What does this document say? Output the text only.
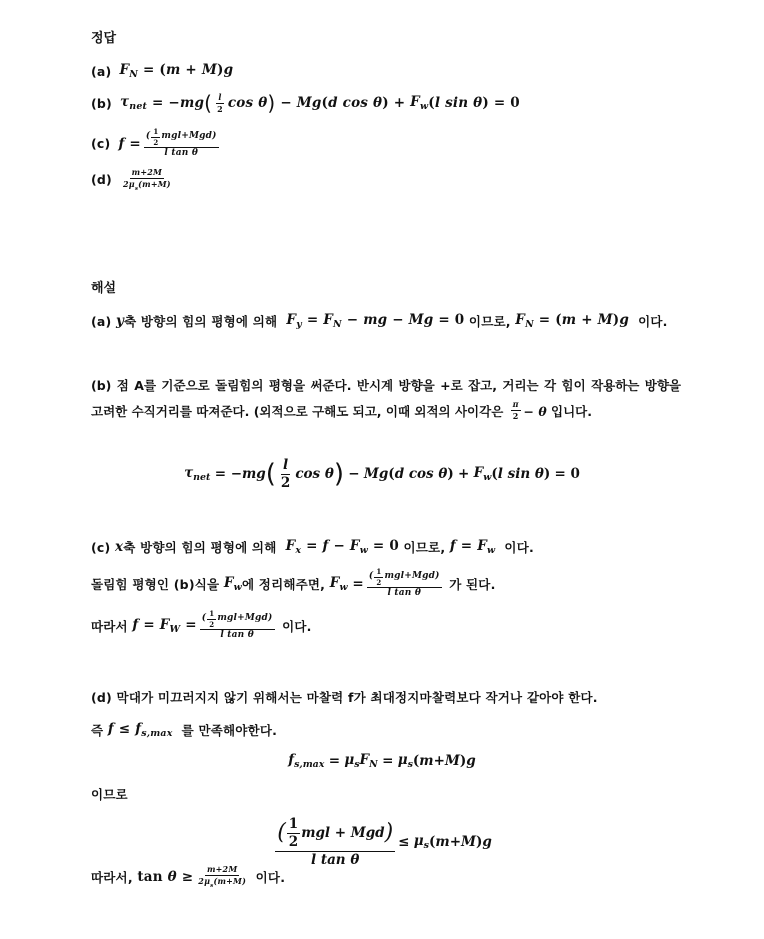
정답
(a) $F_N = (m + M)g$
(b) $\tau_{net}$
= − mg ( $\frac{l}{2}$ cos θ )
−
Mg ( d cos θ )
+
$F_w$ ( l sin θ )
= 0
(c) f
= $\frac{( \frac{1}{2} mgl+Mgd)}{\text{l tan θ}}$
$(d) \frac{m+2M}{2\mu_s(m+M)}$
해설
(a)
y 축 방향의 힘의 평형에 의해
$F_y = F_N$ − mg − Mg = 0
이므로,
$F_N = (m + M)g$
이다.
(b) 점 A를 기준으로 돌림힘의 평형을 써준다. 반시계 방향을 +로 잡고, 거리는 각 힘이 작용하는 방향을 고려한 수직거리를 따져준다. (외적으로 구해도 되고, 이때 외적의 사이각은 $\frac{\pi}{2} - \theta$ 입니다.
$\tau_{net}$
= − mg ( $\frac{l}{2}$ cos θ )
−
Mg ( d cos θ )
+
$F_w$ ( l sin θ )
= 0
(c)
x 축 방향의 힘의 평형에 의해
$F_x = f - F_w = 0$
이므로,
$f = F_w$
이다.
돌림힘 평형인 (b)식을
$F_w$ 에 정리해주면,
$F_w$
= $\frac{( \frac{1}{2} mgl+Mgd)}{\text{l tan θ}}$
가 된다.
따라서
$f = F_W = \frac{( \frac{1}{2} mgl+Mgd)}{\text{l tan θ}}$
이다.
(d)
막대가 미끄러지지 않기 위해서는 마찰력 f가 최대정지마찰력보다 작거나 같아야 한다.
즉
$f \le f_{s,max}$
를 만족해야한다.
$f_{s,max}$
=
$\mu_sF_N$
=
$\mu_s$ ( m + M ) g
이므로
$\frac{( \frac{1}{2} mgl + Mgd )}{\text{l tan θ}}$ ≤
$\mu_s$ ( m + M ) g
따라서,
$\tan \theta \ge \frac{m+2M}{2\mu_s(m+M)}$
이다.
